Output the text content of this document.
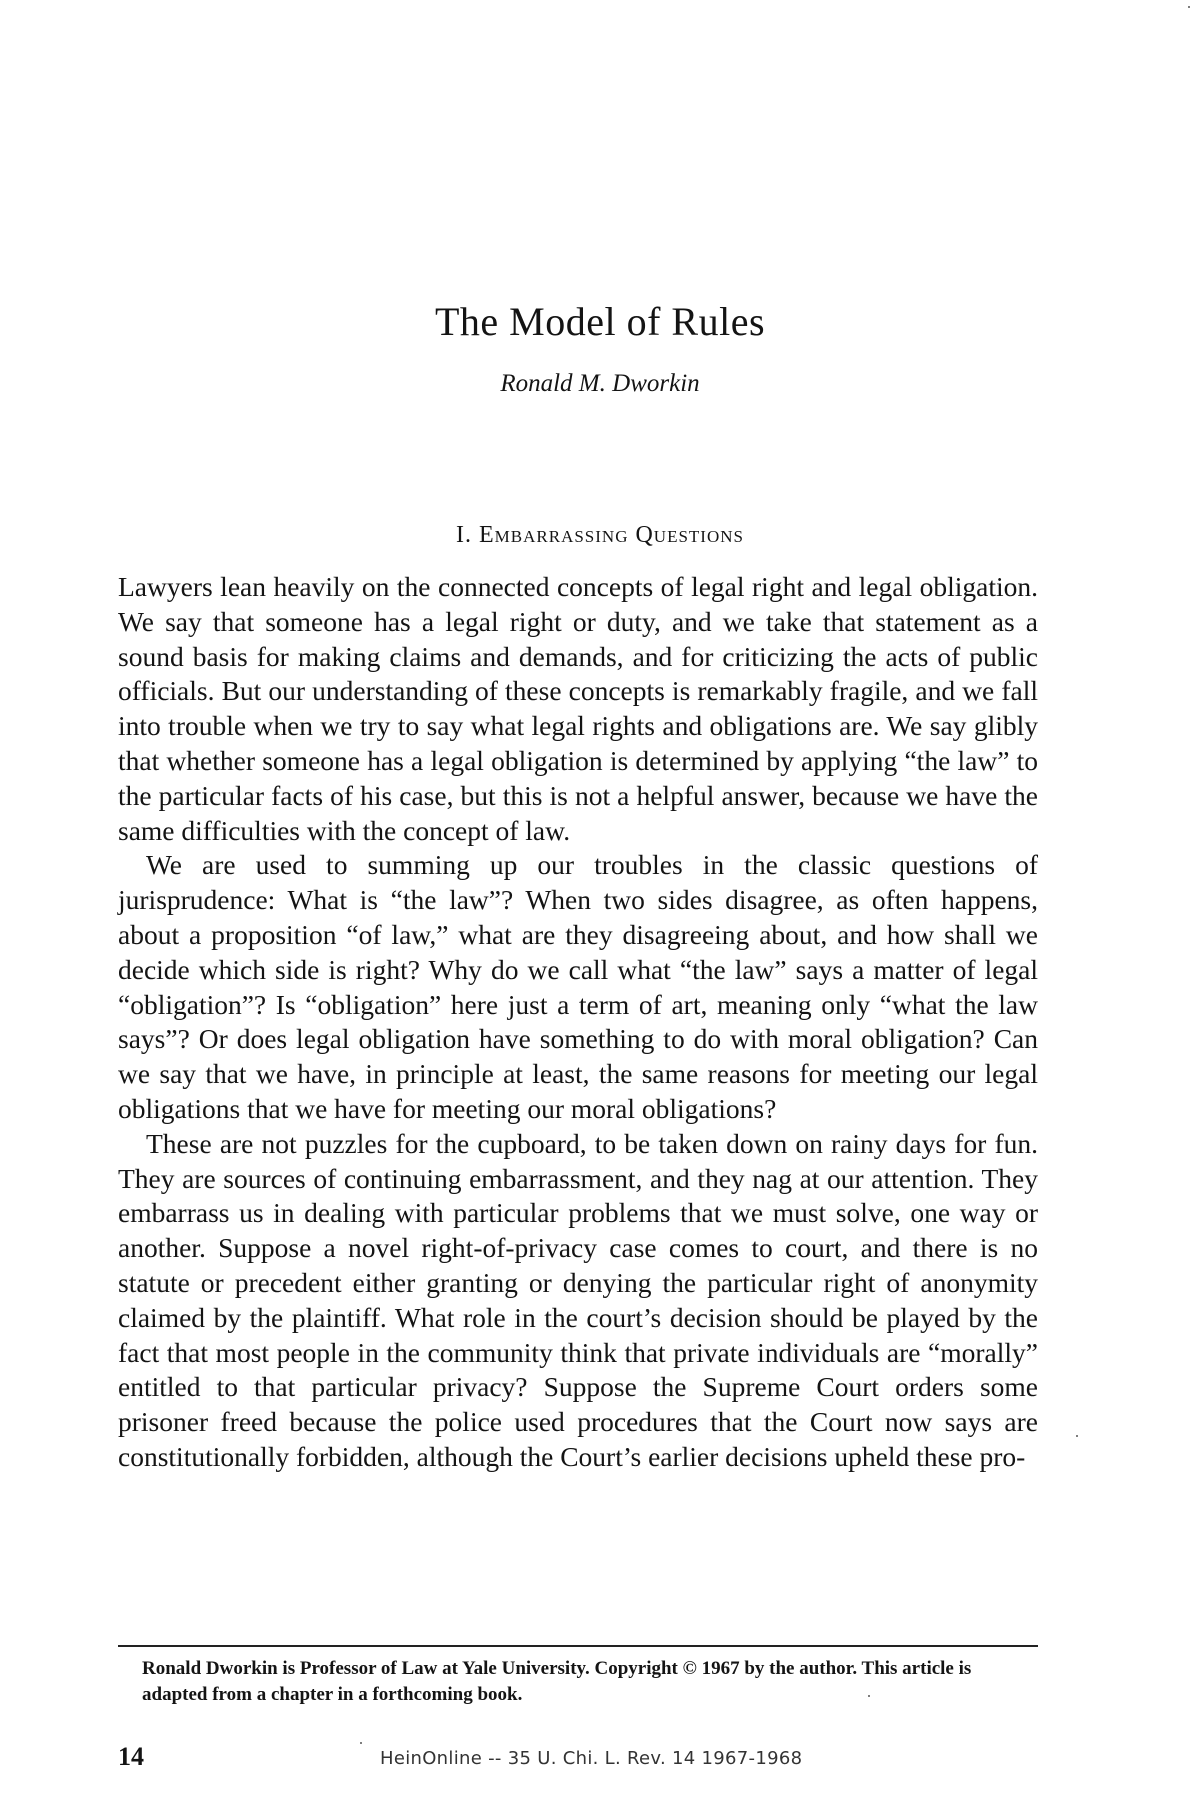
The Model of Rules

Ronald M. Dworkin

I. Embarrassing Questions

Lawyers lean heavily on the connected concepts of legal right and legal obligation. We say that someone has a legal right or duty, and we take that statement as a sound basis for making claims and demands, and for criticizing the acts of public officials. But our understanding of these concepts is remarkably fragile, and we fall into trouble when we try to say what legal rights and obligations are. We say glibly that whether someone has a legal obligation is determined by applying “the law” to the particular facts of his case, but this is not a helpful answer, because we have the same difficulties with the concept of law.

We are used to summing up our troubles in the classic questions of jurisprudence: What is “the law”? When two sides disagree, as often happens, about a proposition “of law,” what are they disagreeing about, and how shall we decide which side is right? Why do we call what “the law” says a matter of legal “obligation”? Is “obligation” here just a term of art, meaning only “what the law says”? Or does legal obligation have something to do with moral obligation? Can we say that we have, in principle at least, the same reasons for meeting our legal obligations that we have for meeting our moral obligations?

These are not puzzles for the cupboard, to be taken down on rainy days for fun. They are sources of continuing embarrassment, and they nag at our attention. They embarrass us in dealing with particular problems that we must solve, one way or another. Suppose a novel right-of-privacy case comes to court, and there is no statute or precedent either granting or denying the particular right of anonymity claimed by the plaintiff. What role in the court’s decision should be played by the fact that most people in the community think that private individuals are “morally” entitled to that particular privacy? Suppose the Supreme Court orders some prisoner freed because the police used procedures that the Court now says are constitutionally forbidden, although the Court’s earlier decisions upheld these pro-

Ronald Dworkin is Professor of Law at Yale University. Copyright © 1967 by the author. This article is adapted from a chapter in a forthcoming book.

14	HeinOnline -- 35 U. Chi. L. Rev. 14 1967-1968
